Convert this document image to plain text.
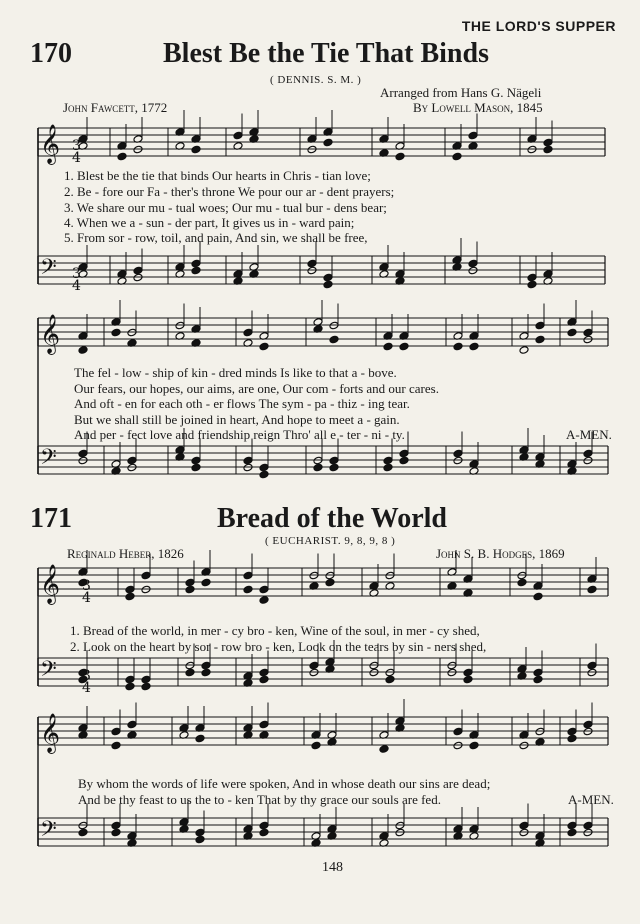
THE LORD'S SUPPER
170	Blest Be the Tie That Binds
( DENNIS. S. M. )
Arranged from Hans G. Nägeli
John Fawcett, 1772	By Lowell Mason, 1845
1. Blest be the tie that binds Our hearts in Chris - tian love;
2. Be - fore our Fa - ther's throne We pour our ar - dent prayers;
3. We share our mu - tual woes; Our mu - tual bur - dens bear;
4. When we a - sun - der part, It gives us in - ward pain;
5. From sor - row, toil, and pain, And sin, we shall be free,
The fel - low - ship of kin - dred minds Is like to that a - bove.
Our fears, our hopes, our aims, are one, Our com - forts and our cares.
And oft - en for each oth - er flows The sym - pa - thiz - ing tear.
But we shall still be joined in heart, And hope to meet a - gain.
And per - fect love and friendship reign Thro' all e - ter - ni - ty.	A-MEN.
171	Bread of the World
( EUCHARIST. 9, 8, 9, 8 )
Reginald Heber, 1826	John S. B. Hodges, 1869
1. Bread of the world, in mer - cy bro - ken, Wine of the soul, in mer - cy shed,
2. Look on the heart by sor - row bro - ken, Look on the tears by sin - ners shed,
By whom the words of life were spoken, And in whose death our sins are dead;
And be thy feast to us the to - ken That by thy grace our souls are fed.	A-MEN.
148
𝄞
𝄢
𝄞
𝄢
𝄞
𝄢
𝄞
𝄢
3
4
3
4
3
4
3
4
